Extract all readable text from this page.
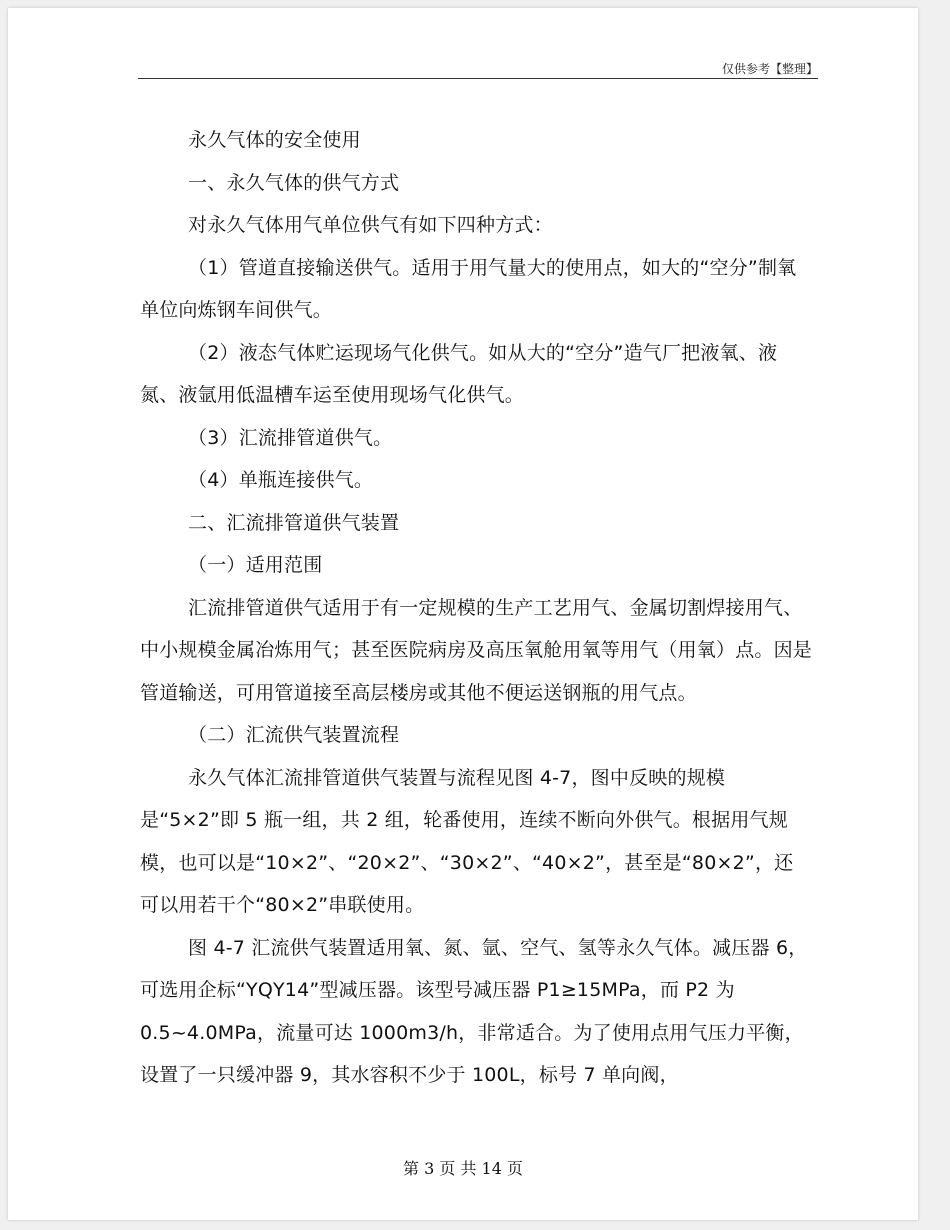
仅供参考【整理】

永久气体的安全使用

一、永久气体的供气方式

对永久气体用气单位供气有如下四种方式：

（1）管道直接输送供气。适用于用气量大的使用点，如大的“空分”制氧单位向炼钢车间供气。

（2）液态气体贮运现场气化供气。如从大的“空分”造气厂把液氧、液氮、液氩用低温槽车运至使用现场气化供气。

（3）汇流排管道供气。

（4）单瓶连接供气。

二、汇流排管道供气装置

（一）适用范围

汇流排管道供气适用于有一定规模的生产工艺用气、金属切割焊接用气、中小规模金属冶炼用气；甚至医院病房及高压氧舱用氧等用气（用氧）点。因是管道输送，可用管道接至高层楼房或其他不便运送钢瓶的用气点。

（二）汇流供气装置流程

永久气体汇流排管道供气装置与流程见图 4-7，图中反映的规模是“5×2”即 5 瓶一组，共 2 组，轮番使用，连续不断向外供气。根据用气规模，也可以是“10×2”、“20×2”、“30×2”、“40×2”，甚至是“80×2”，还可以用若干个“80×2”串联使用。

图 4-7 汇流供气装置适用氧、氮、氩、空气、氢等永久气体。减压器 6，可选用企标“YQY14”型减压器。该型号减压器 P1≥15MPa，而 P2 为 0.5~4.0MPa，流量可达 1000m3/h，非常适合。为了使用点用气压力平衡，设置了一只缓冲器 9，其水容积不少于 100L，标号 7 单向阀，

第 3 页 共 14 页
